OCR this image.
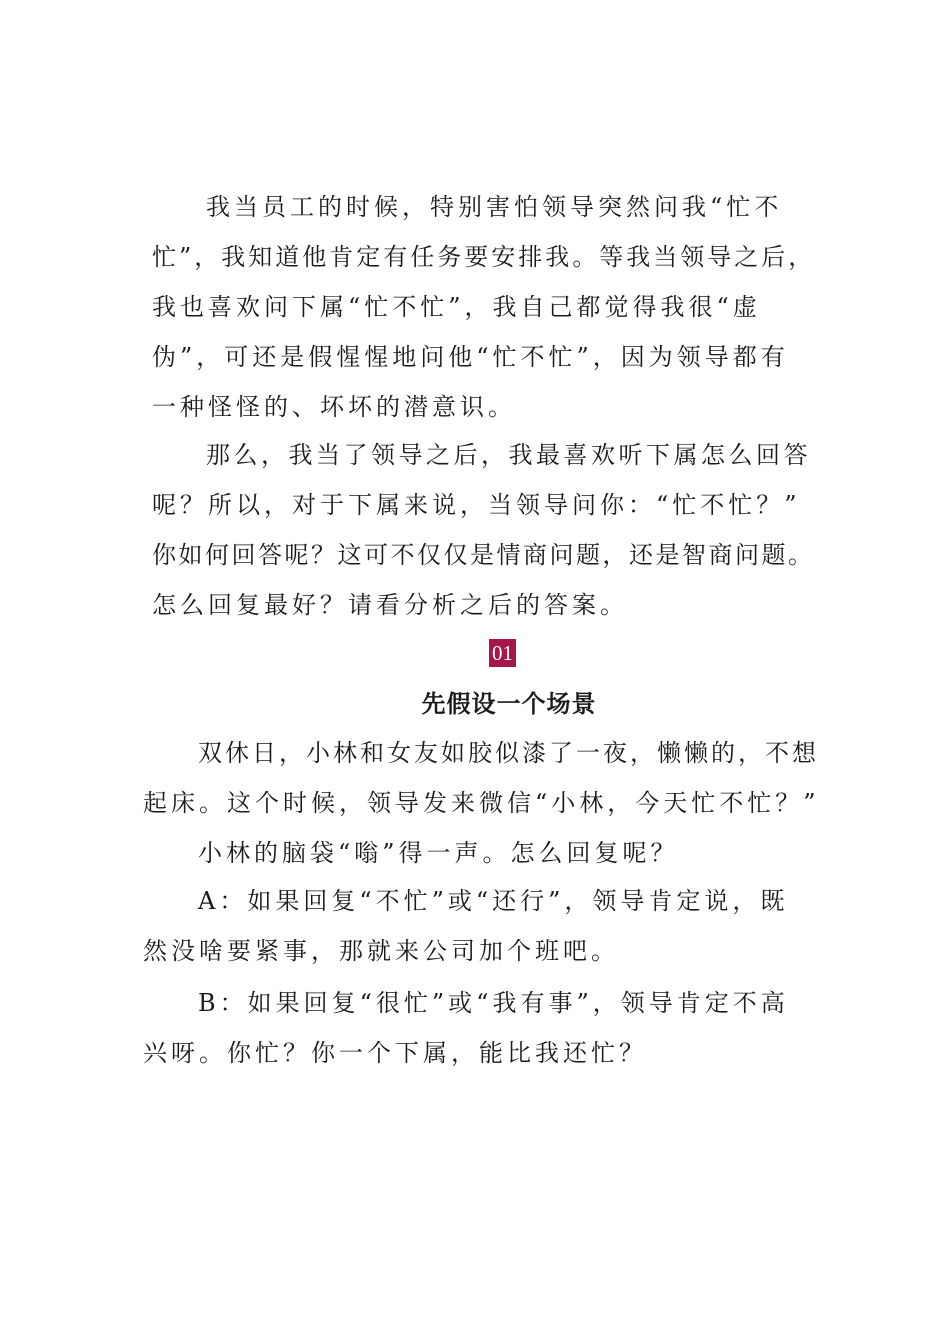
我当员工的时候，特别害怕领导突然问我“忙不
忙”，我知道他肯定有任务要安排我。等我当领导之后，
我也喜欢问下属“忙不忙”，我自己都觉得我很“虚
伪”，可还是假惺惺地问他“忙不忙”，因为领导都有
一种怪怪的、坏坏的潜意识。
那么，我当了领导之后，我最喜欢听下属怎么回答
呢？所以，对于下属来说，当领导问你：“忙不忙？”
你如何回答呢？这可不仅仅是情商问题，还是智商问题。
怎么回复最好？请看分析之后的答案。
01
先假设一个场景
双休日，小林和女友如胶似漆了一夜，懒懒的，不想
起床。这个时候，领导发来微信“小林，今天忙不忙？”
小林的脑袋“嗡”得一声。怎么回复呢？
A：如果回复“不忙”或“还行”，领导肯定说，既
然没啥要紧事，那就来公司加个班吧。
B：如果回复“很忙”或“我有事”，领导肯定不高
兴呀。你忙？你一个下属，能比我还忙？
